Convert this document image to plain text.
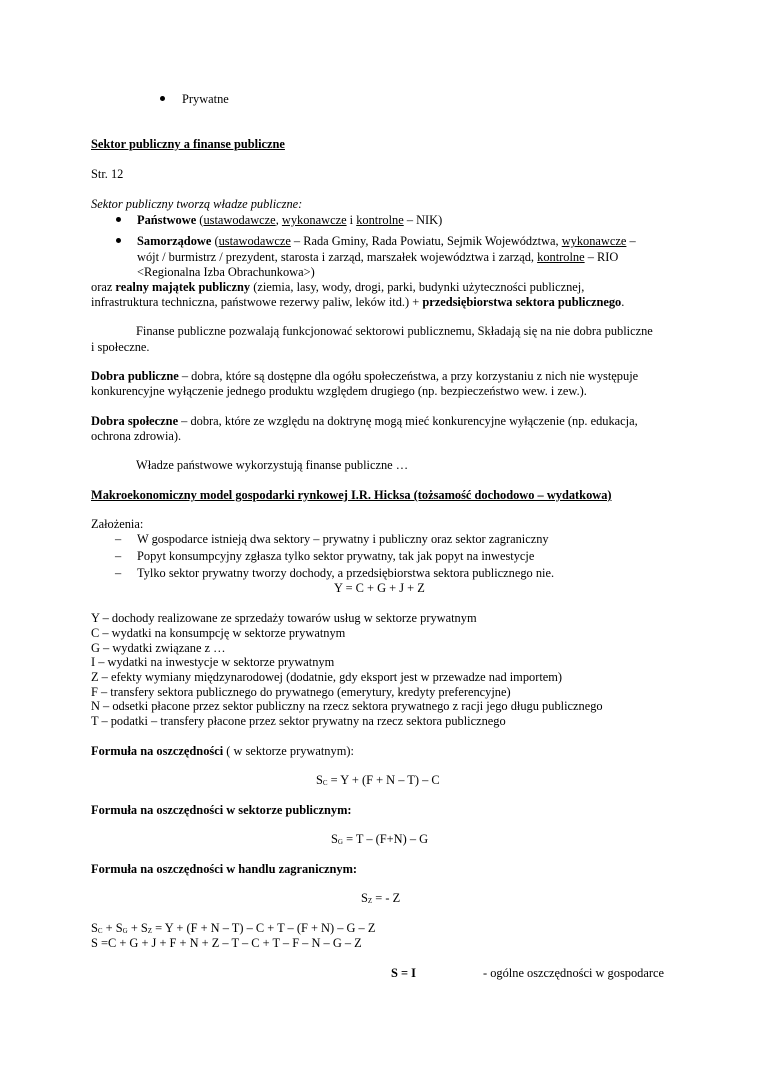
Prywatne
Sektor publiczny a finanse publiczne
Str. 12
Sektor publiczny tworzą władze publiczne:
Państwowe (ustawodawcze, wykonawcze i kontrolne – NIK)
Samorządowe (ustawodawcze – Rada Gminy, Rada Powiatu, Sejmik Województwa, wykonawcze –
wójt / burmistrz / prezydent, starosta i zarząd, marszałek województwa i zarząd, kontrolne – RIO
<Regionalna Izba Obrachunkowa>)
oraz realny majątek publiczny (ziemia, lasy, wody, drogi, parki, budynki użyteczności publicznej,
infrastruktura techniczna, państwowe rezerwy paliw, leków itd.) + przedsiębiorstwa sektora publicznego.
Finanse publiczne pozwalają funkcjonować sektorowi publicznemu, Składają się na nie dobra publiczne
i społeczne.
Dobra publiczne – dobra, które są dostępne dla ogółu społeczeństwa, a przy korzystaniu z nich nie występuje
konkurencyjne wyłączenie jednego produktu względem drugiego (np. bezpieczeństwo wew. i zew.).
Dobra społeczne – dobra, które ze względu na doktrynę mogą mieć konkurencyjne wyłączenie (np. edukacja,
ochrona zdrowia).
Władze państwowe wykorzystują finanse publiczne …
Makroekonomiczny model gospodarki rynkowej I.R. Hicksa (tożsamość dochodowo – wydatkowa)
Założenia:
– W gospodarce istnieją dwa sektory – prywatny i publiczny oraz sektor zagraniczny
– Popyt konsumpcyjny zgłasza tylko sektor prywatny, tak jak popyt na inwestycje
– Tylko sektor prywatny tworzy dochody, a przedsiębiorstwa sektora publicznego nie.
Y = C + G + J + Z
Y – dochody realizowane ze sprzedaży towarów usług w sektorze prywatnym
C – wydatki na konsumpcję w sektorze prywatnym
G – wydatki związane z …
I – wydatki na inwestycje w sektorze prywatnym
Z – efekty wymiany międzynarodowej (dodatnie, gdy eksport jest w przewadze nad importem)
F – transfery sektora publicznego do prywatnego (emerytury, kredyty preferencyjne)
N – odsetki płacone przez sektor publiczny na rzecz sektora prywatnego z racji jego długu publicznego
T – podatki – transfery płacone przez sektor prywatny na rzecz sektora publicznego
Formuła na oszczędności ( w sektorze prywatnym):
SC = Y + (F + N – T) – C
Formuła na oszczędności w sektorze publicznym:
SG = T – (F+N) – G
Formuła na oszczędności w handlu zagranicznym:
SZ = - Z
SC + SG + SZ = Y + (F + N – T) – C + T – (F + N) – G – Z
S =C + G + J + F + N + Z – T – C + T – F – N – G – Z
S = I	- ogólne oszczędności w gospodarce
